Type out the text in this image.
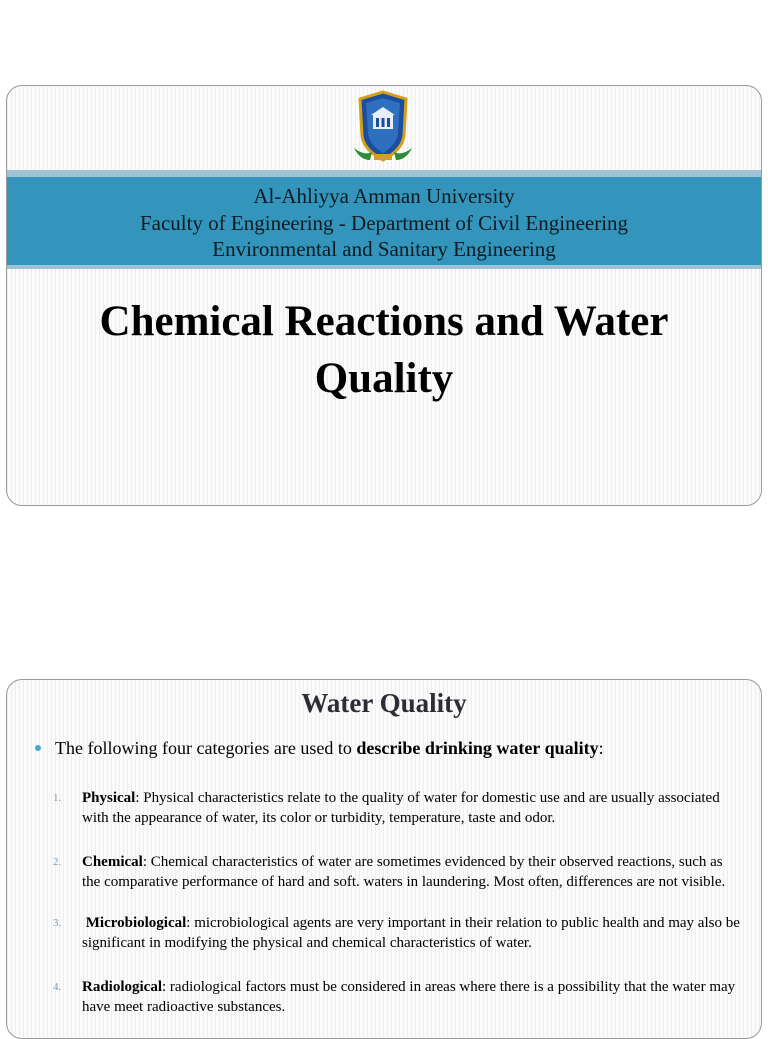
Al-Ahliyya Amman University
Faculty of Engineering - Department of Civil Engineering
Environmental and Sanitary Engineering
Chemical Reactions and Water
Quality
Water Quality
The following four categories are used to describe drinking water quality:
1. Physical: Physical characteristics relate to the quality of water for domestic use and are usually associated with the appearance of water, its color or turbidity, temperature, taste and odor.
2. Chemical: Chemical characteristics of water are sometimes evidenced by their observed reactions, such as the comparative performance of hard and soft. waters in laundering. Most often, differences are not visible.
3. Microbiological: microbiological agents are very important in their relation to public health and may also be significant in modifying the physical and chemical characteristics of water.
4. Radiological: radiological factors must be considered in areas where there is a possibility that the water may have meet radioactive substances.
